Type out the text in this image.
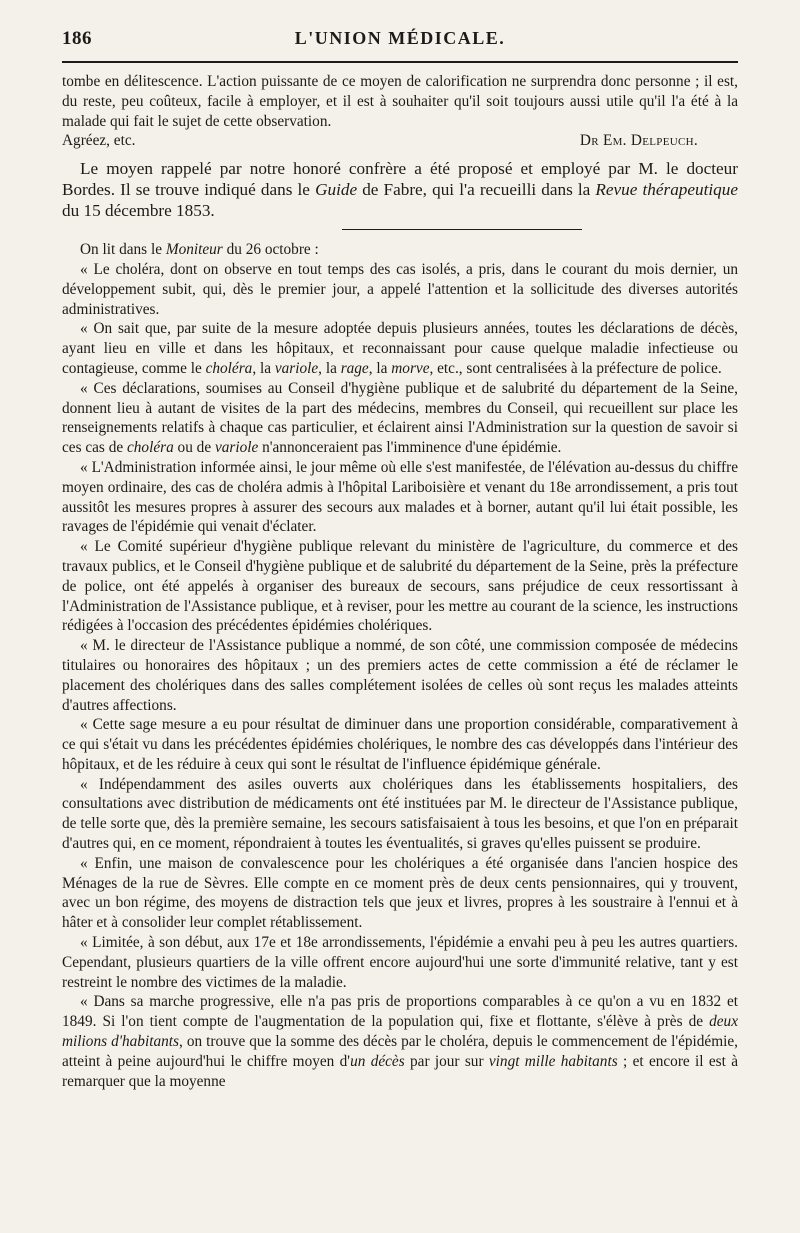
186	L'UNION MÉDICALE.

tombe en délitescence. L'action puissante de ce moyen de calorification ne surprendra donc personne ; il est, du reste, peu coûteux, facile à employer, et il est à souhaiter qu'il soit toujours aussi utile qu'il l'a été à la malade qui fait le sujet de cette observation.

Agréez, etc.	Dr Em. Delpeuch.

Le moyen rappelé par notre honoré confrère a été proposé et employé par M. le docteur Bordes. Il se trouve indiqué dans le Guide de Fabre, qui l'a recueilli dans la Revue thérapeutique du 15 décembre 1853.

On lit dans le Moniteur du 26 octobre :

« Le choléra, dont on observe en tout temps des cas isolés, a pris, dans le courant du mois dernier, un développement subit, qui, dès le premier jour, a appelé l'attention et la sollicitude des diverses autorités administratives.

« On sait que, par suite de la mesure adoptée depuis plusieurs années, toutes les déclarations de décès, ayant lieu en ville et dans les hôpitaux, et reconnaissant pour cause quelque maladie infectieuse ou contagieuse, comme le choléra, la variole, la rage, la morve, etc., sont centralisées à la préfecture de police.

« Ces déclarations, soumises au Conseil d'hygiène publique et de salubrité du département de la Seine, donnent lieu à autant de visites de la part des médecins, membres du Conseil, qui recueillent sur place les renseignements relatifs à chaque cas particulier, et éclairent ainsi l'Administration sur la question de savoir si ces cas de choléra ou de variole n'annonceraient pas l'imminence d'une épidémie.

« L'Administration informée ainsi, le jour même où elle s'est manifestée, de l'élévation au-dessus du chiffre moyen ordinaire, des cas de choléra admis à l'hôpital Lariboisière et venant du 18e arrondissement, a pris tout aussitôt les mesures propres à assurer des secours aux malades et à borner, autant qu'il lui était possible, les ravages de l'épidémie qui venait d'éclater.

« Le Comité supérieur d'hygiène publique relevant du ministère de l'agriculture, du commerce et des travaux publics, et le Conseil d'hygiène publique et de salubrité du département de la Seine, près la préfecture de police, ont été appelés à organiser des bureaux de secours, sans préjudice de ceux ressortissant à l'Administration de l'Assistance publique, et à reviser, pour les mettre au courant de la science, les instructions rédigées à l'occasion des précédentes épidémies cholériques.

« M. le directeur de l'Assistance publique a nommé, de son côté, une commission composée de médecins titulaires ou honoraires des hôpitaux ; un des premiers actes de cette commission a été de réclamer le placement des cholériques dans des salles complétement isolées de celles où sont reçus les malades atteints d'autres affections.

« Cette sage mesure a eu pour résultat de diminuer dans une proportion considérable, comparativement à ce qui s'était vu dans les précédentes épidémies cholériques, le nombre des cas développés dans l'intérieur des hôpitaux, et de les réduire à ceux qui sont le résultat de l'influence épidémique générale.

« Indépendamment des asiles ouverts aux cholériques dans les établissements hospitaliers, des consultations avec distribution de médicaments ont été instituées par M. le directeur de l'Assistance publique, de telle sorte que, dès la première semaine, les secours satisfaisaient à tous les besoins, et que l'on en préparait d'autres qui, en ce moment, répondraient à toutes les éventualités, si graves qu'elles puissent se produire.

« Enfin, une maison de convalescence pour les cholériques a été organisée dans l'ancien hospice des Ménages de la rue de Sèvres. Elle compte en ce moment près de deux cents pensionnaires, qui y trouvent, avec un bon régime, des moyens de distraction tels que jeux et livres, propres à les soustraire à l'ennui et à hâter et à consolider leur complet rétablissement.

« Limitée, à son début, aux 17e et 18e arrondissements, l'épidémie a envahi peu à peu les autres quartiers. Cependant, plusieurs quartiers de la ville offrent encore aujourd'hui une sorte d'immunité relative, tant y est restreint le nombre des victimes de la maladie.

« Dans sa marche progressive, elle n'a pas pris de proportions comparables à ce qu'on a vu en 1832 et 1849. Si l'on tient compte de l'augmentation de la population qui, fixe et flottante, s'élève à près de deux milions d'habitants, on trouve que la somme des décès par le choléra, depuis le commencement de l'épidémie, atteint à peine aujourd'hui le chiffre moyen d'un décès par jour sur vingt mille habitants ; et encore il est à remarquer que la moyenne
